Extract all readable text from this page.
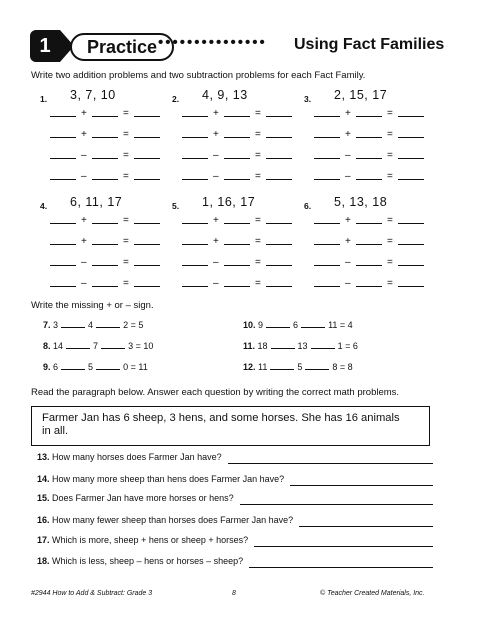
1	Practice ••••••••••••••• Using Fact Families
Write two addition problems and two subtraction problems for each Fact Family.
1. 3, 7, 10
+	=
+	=
–	=
–	=
2. 4, 9, 13
+	=
+	=
–	=
–	=
3. 2, 15, 17
+	=
+	=
–	=
–	=
4. 6, 11, 17
+	=
+	=
–	=
–	=
5. 1, 16, 17
+	=
+	=
–	=
–	=
6. 5, 13, 18
+	=
+	=
–	=
–	=
Write the missing + or – sign.
7. 3	4	2 = 5
8. 14	7	3 = 10
9. 6	5	0 = 11
10. 9	6	11 = 4
11. 18	13	1 = 6
12. 11	5	8 = 8
Read the paragraph below. Answer each question by writing the correct math problems.
Farmer Jan has 6 sheep, 3 hens, and some horses. She has 16 animals in all.
13. How many horses does Farmer Jan have?
14. How many more sheep than hens does Farmer Jan have?
15. Does Farmer Jan have more horses or hens?
16. How many fewer sheep than horses does Farmer Jan have?
17. Which is more, sheep + hens or sheep + horses?
18. Which is less, sheep – hens or horses – sheep?
#2944 How to Add & Subtract: Grade 3	8	© Teacher Created Materials, Inc.
